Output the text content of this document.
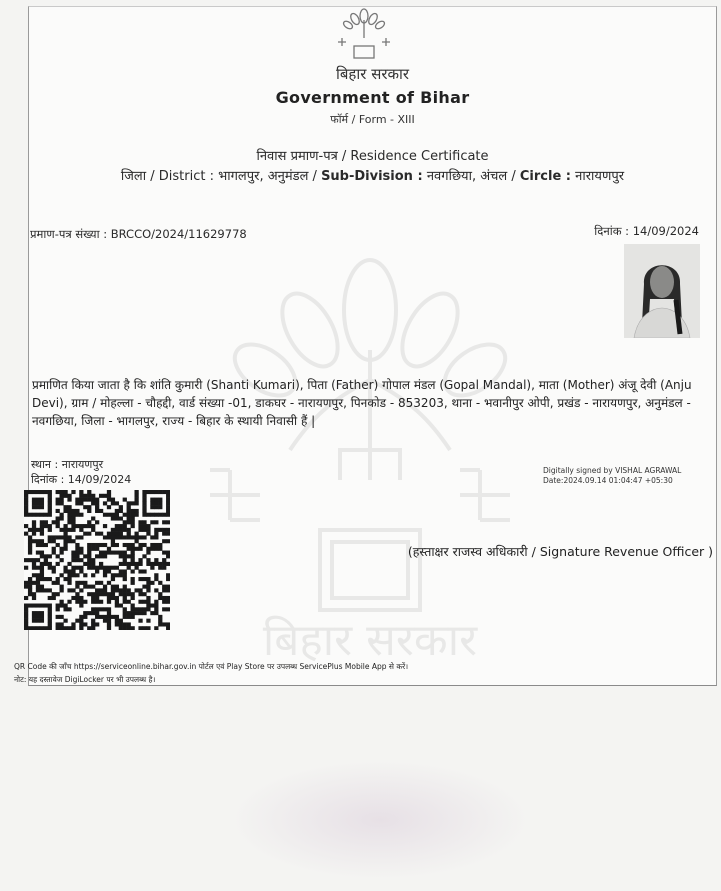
बिहार सरकार
बिहार सरकार
Government of Bihar
फॉर्म / Form - XIII
निवास प्रमाण-पत्र / Residence Certificate
जिला / District : भागलपुर, अनुमंडल / Sub-Division : नवगछिया, अंचल / Circle : नारायणपुर
प्रमाण-पत्र संख्या : BRCCO/2024/11629778	दिनांक : 14/09/2024
प्रमाणित किया जाता है कि शांति कुमारी (Shanti Kumari), पिता (Father) गोपाल मंडल (Gopal Mandal), माता (Mother) अंजू देवी (Anju Devi), ग्राम / मोहल्ला - चौहद्दी, वार्ड संख्या -01, डाकघर - नारायणपुर, पिनकोड - 853203, थाना - भवानीपुर ओपी, प्रखंड - नारायणपुर, अनुमंडल - नवगछिया, जिला - भागलपुर, राज्य - बिहार के स्थायी निवासी हैं |
स्थान : नारायणपुर
दिनांक : 14/09/2024
Digitally signed by VISHAL AGRAWAL
Date:2024.09.14 01:04:47 +05:30
(हस्ताक्षर राजस्व अधिकारी / Signature Revenue Officer )
QR Code की जाँच https://serviceonline.bihar.gov.in पोर्टल एवं Play Store पर उपलब्ध ServicePlus Mobile App से करें।
नोट: यह दस्तावेज DigiLocker पर भी उपलब्ध है।
